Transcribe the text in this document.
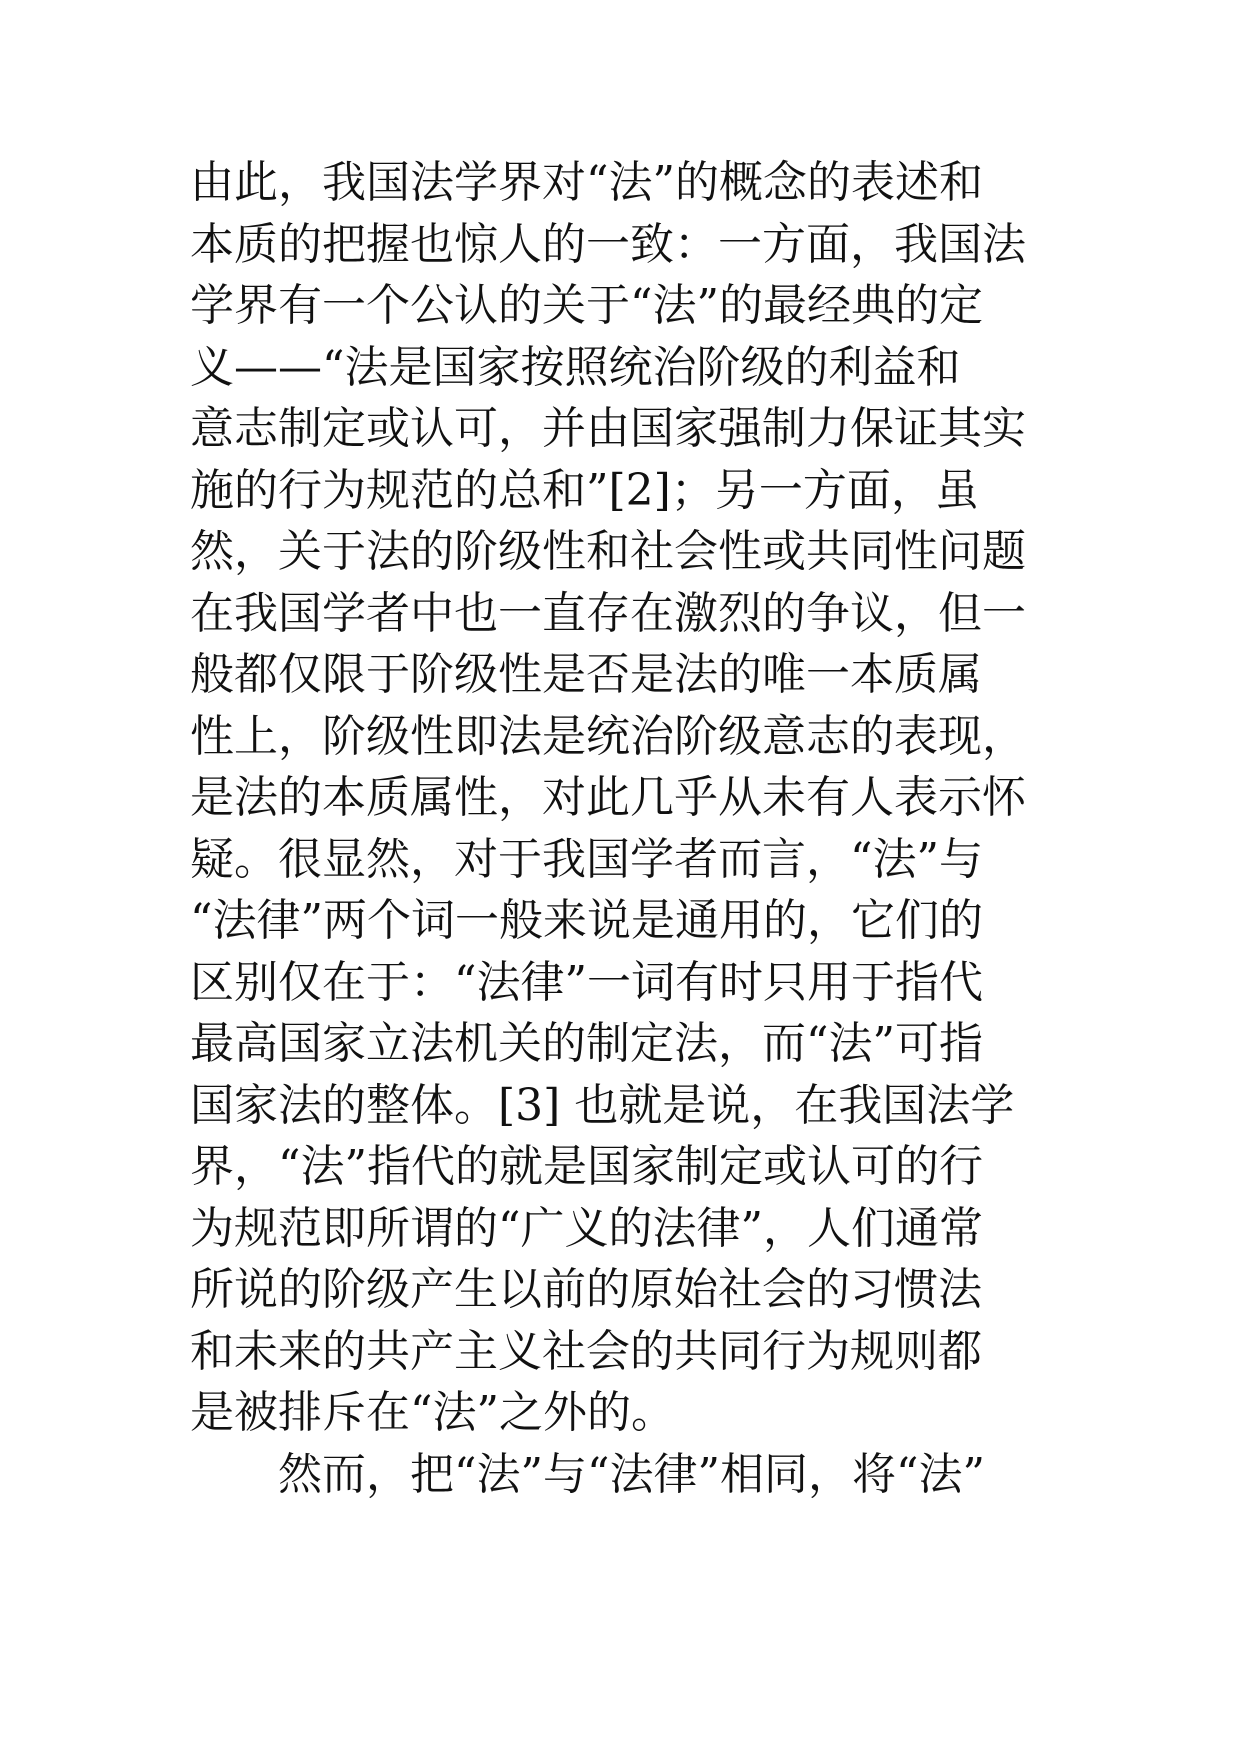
由此，我国法学界对“法”的概念的表述和
本质的把握也惊人的一致：一方面，我国法
学界有一个公认的关于“法”的最经典的定
义——“法是国家按照统治阶级的利益和
意志制定或认可，并由国家强制力保证其实
施的行为规范的总和”[2]；另一方面，虽
然，关于法的阶级性和社会性或共同性问题
在我国学者中也一直存在激烈的争议，但一
般都仅限于阶级性是否是法的唯一本质属
性上，阶级性即法是统治阶级意志的表现，
是法的本质属性，对此几乎从未有人表示怀
疑。很显然，对于我国学者而言，“法”与
“法律”两个词一般来说是通用的，它们的
区别仅在于：“法律”一词有时只用于指代
最高国家立法机关的制定法，而“法”可指
国家法的整体。[3] 也就是说，在我国法学
界，“法”指代的就是国家制定或认可的行
为规范即所谓的“广义的法律”，人们通常
所说的阶级产生以前的原始社会的习惯法
和未来的共产主义社会的共同行为规则都
是被排斥在“法”之外的。
然而，把“法”与“法律”相同，将“法”
